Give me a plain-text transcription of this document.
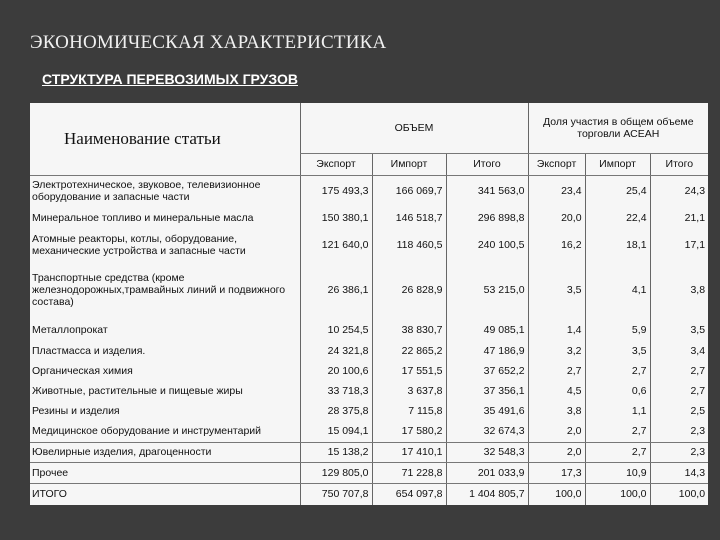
ЭКОНОМИЧЕСКАЯ ХАРАКТЕРИСТИКА
СТРУКТУРА ПЕРЕВОЗИМЫХ ГРУЗОВ
Наименование статьи	ОБЪЕМ			Доля участия в общем объеме торговли АСЕАН		
	Экспорт	Импорт	Итого	Экспорт	Импорт	Итого
Электротехническое, звуковое, телевизионное оборудование и запасные части	175 493,3	166 069,7	341 563,0	23,4	25,4	24,3
Минеральное топливо и минеральные масла	150 380,1	146 518,7	296 898,8	20,0	22,4	21,1
Атомные реакторы, котлы, оборудование, механические устройства и запасные части	121 640,0	118 460,5	240 100,5	16,2	18,1	17,1
Транспортные средства (кроме железнодорожных,трамвайных линий и подвижного состава)	26 386,1	26 828,9	53 215,0	3,5	4,1	3,8
Металлопрокат	10 254,5	38 830,7	49 085,1	1,4	5,9	3,5
Пластмасса и изделия.	24 321,8	22 865,2	47 186,9	3,2	3,5	3,4
Органическая химия	20 100,6	17 551,5	37 652,2	2,7	2,7	2,7
Животные, растительные и пищевые жиры	33 718,3	3 637,8	37 356,1	4,5	0,6	2,7
Резины и изделия	28 375,8	7 115,8	35 491,6	3,8	1,1	2,5
Медицинское оборудование и инструментарий	15 094,1	17 580,2	32 674,3	2,0	2,7	2,3
Ювелирные изделия, драгоценности	15 138,2	17 410,1	32 548,3	2,0	2,7	2,3
Прочее	129 805,0	71 228,8	201 033,9	17,3	10,9	14,3
ИТОГО	750 707,8	654 097,8	1 404 805,7	100,0	100,0	100,0
